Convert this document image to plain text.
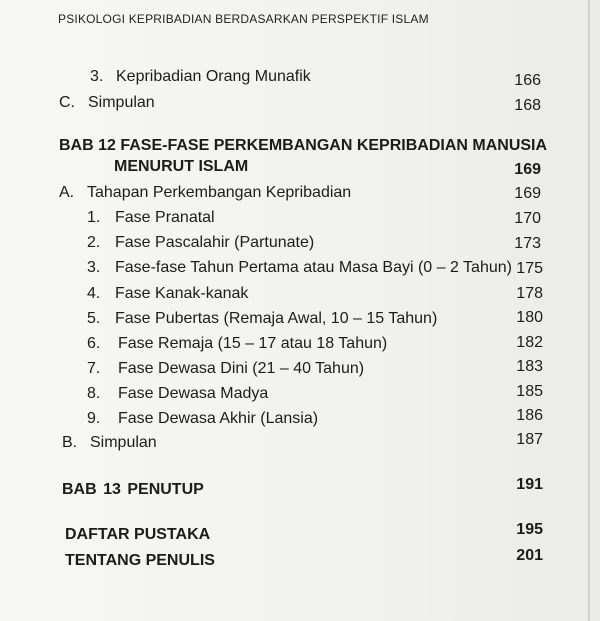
PSIKOLOGI KEPRIBADIAN BERDASARKAN PERSPEKTIF ISLAM
3. Kepribadian Orang Munafik	166
C. Simpulan	168
BAB 12 FASE-FASE PERKEMBANGAN KEPRIBADIAN MANUSIA
MENURUT ISLAM	169
A. Tahapan Perkembangan Kepribadian	169
1. Fase Pranatal	170
2. Fase Pascalahir (Partunate)	173
3. Fase-fase Tahun Pertama atau Masa Bayi (0 – 2 Tahun) 175
4. Fase Kanak-kanak	178
5. Fase Pubertas (Remaja Awal, 10 – 15 Tahun)	180
6. Fase Remaja (15 – 17 atau 18 Tahun)	182
7. Fase Dewasa Dini (21 – 40 Tahun)	183
8. Fase Dewasa Madya	185
9. Fase Dewasa Akhir (Lansia)	186
B. Simpulan	187
BAB 13 PENUTUP	191
DAFTAR PUSTAKA	195
TENTANG PENULIS	201
